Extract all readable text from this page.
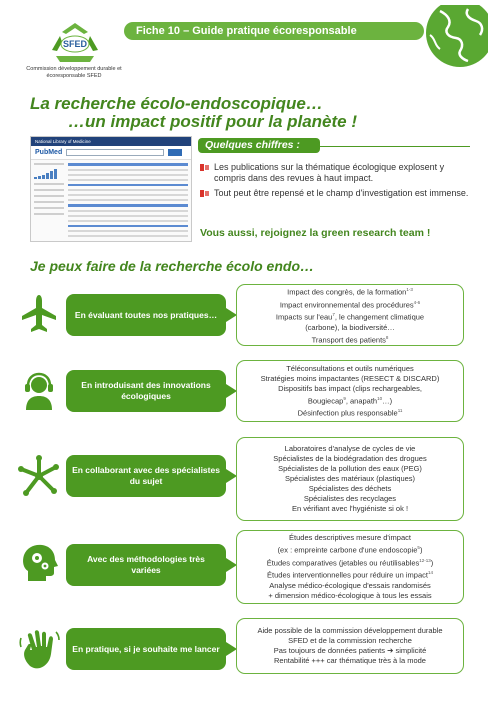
Fiche 10 – Guide pratique écoresponsable
SFED
Commission développement durable et écoresponsable SFED
La recherche écolo-endoscopique…
…un impact positif pour la planète !
National Library of Medicine
PubMed
Quelques chiffres :
Les publications sur la thématique écologique explosent y compris dans des revues à haut impact.
Tout peut être repensé et le champ d'investigation est immense.
Vous aussi, rejoignez la green research team !
Je peux faire de la recherche écolo endo…
En évaluant toutes nos pratiques…
Impact des congrès, de la formation$^{1-3}$
Impact environnemental des procédures$^{4-6}$
Impacts sur l'eau$^7$, le changement climatique
(carbone), la biodiversité…
Transport des patients$^8$
En introduisant des innovations écologiques
Téléconsultations et outils numériques
Stratégies moins impactantes (RESECT & DISCARD)
Dispositifs bas impact (clips rechargeables,
Bougiecap$^9$, anapath$^{10}$…)
Désinfection plus responsable$^{11}$
En collaborant avec des spécialistes du sujet
Laboratoires d'analyse de cycles de vie
Spécialistes de la biodégradation des drogues
Spécialistes de la pollution des eaux (PEG)
Spécialistes des matériaux (plastiques)
Spécialistes des déchets
Spécialistes des recyclages
En vérifiant avec l'hygiéniste si ok !
Avec des méthodologies très variées
Études descriptives mesure d'impact
(ex : empreinte carbone d'une endoscopie$^5$)
Études comparatives (jetables ou réutilisables$^{12-13}$)
Études interventionnelles pour réduire un impact$^{14}$
Analyse médico-écologique d'essais randomisés
+ dimension médico-écologique à tous les essais
En pratique, si je souhaite me lancer
Aide possible de la commission développement durable
SFED et de la commission recherche
Pas toujours de données patients ➔ simplicité
Rentabilité +++ car thématique très à la mode
